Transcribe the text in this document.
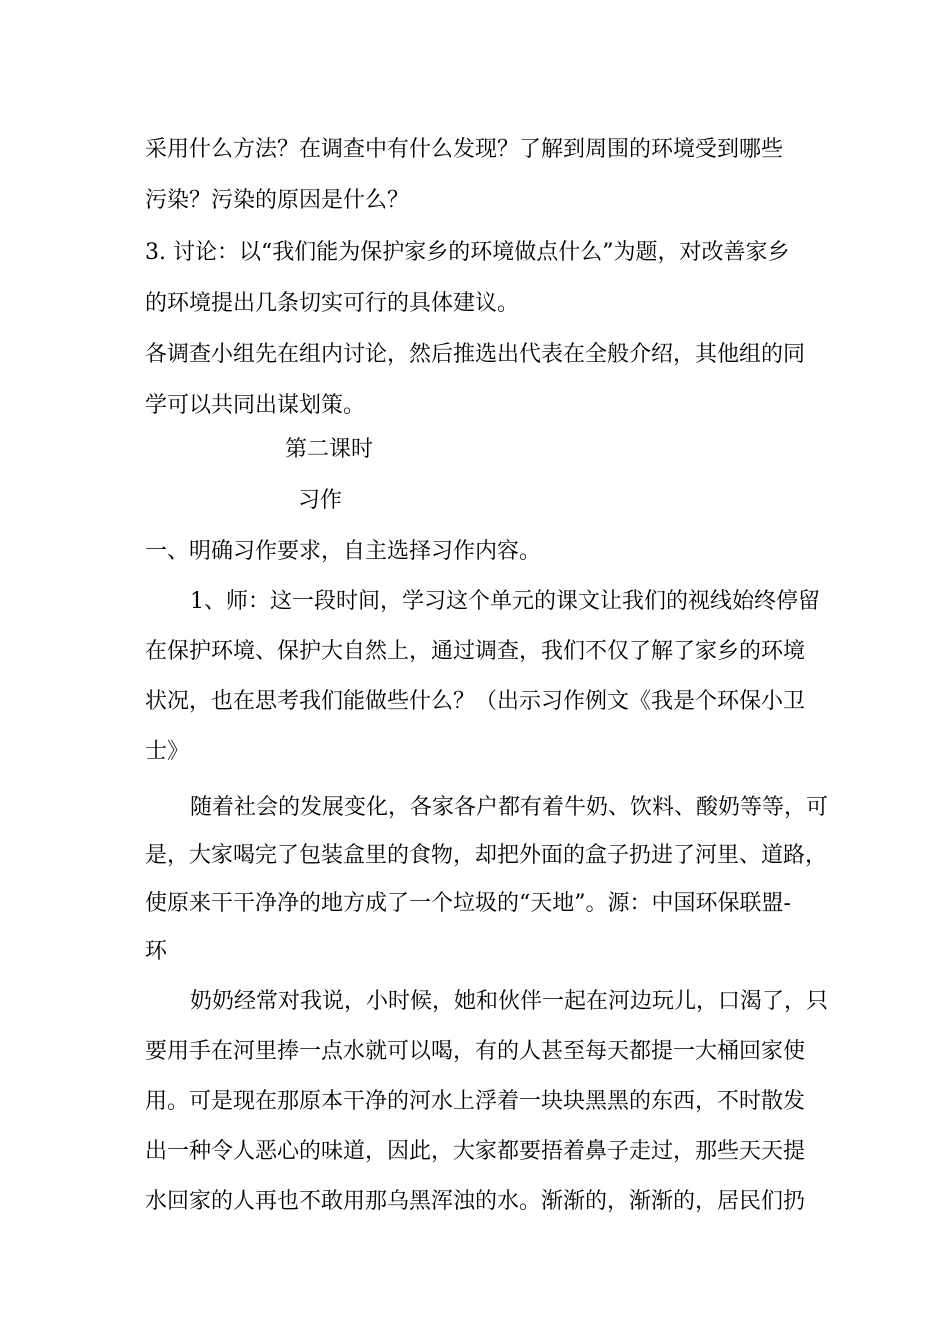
采用什么方法？在调查中有什么发现？了解到周围的环境受到哪些
污染？污染的原因是什么？
3. 讨论：以“我们能为保护家乡的环境做点什么”为题，对改善家乡
的环境提出几条切实可行的具体建议。
各调查小组先在组内讨论，然后推选出代表在全般介绍，其他组的同
学可以共同出谋划策。
第二课时
习作
一、明确习作要求，自主选择习作内容。
1、师：这一段时间，学习这个单元的课文让我们的视线始终停留
在保护环境、保护大自然上，通过调查，我们不仅了解了家乡的环境
状况，也在思考我们能做些什么？（出示习作例文《我是个环保小卫
士》
随着社会的发展变化，各家各户都有着牛奶、饮料、酸奶等等，可
是，大家喝完了包装盒里的食物，却把外面的盒子扔进了河里、道路，
使原来干干净净的地方成了一个垃圾的“天地”。源：中国环保联盟-
环
奶奶经常对我说，小时候，她和伙伴一起在河边玩儿，口渴了，只
要用手在河里捧一点水就可以喝，有的人甚至每天都提一大桶回家使
用。可是现在那原本干净的河水上浮着一块块黑黑的东西，不时散发
出一种令人恶心的味道，因此，大家都要捂着鼻子走过，那些天天提
水回家的人再也不敢用那乌黑浑浊的水。渐渐的，渐渐的，居民们扔
